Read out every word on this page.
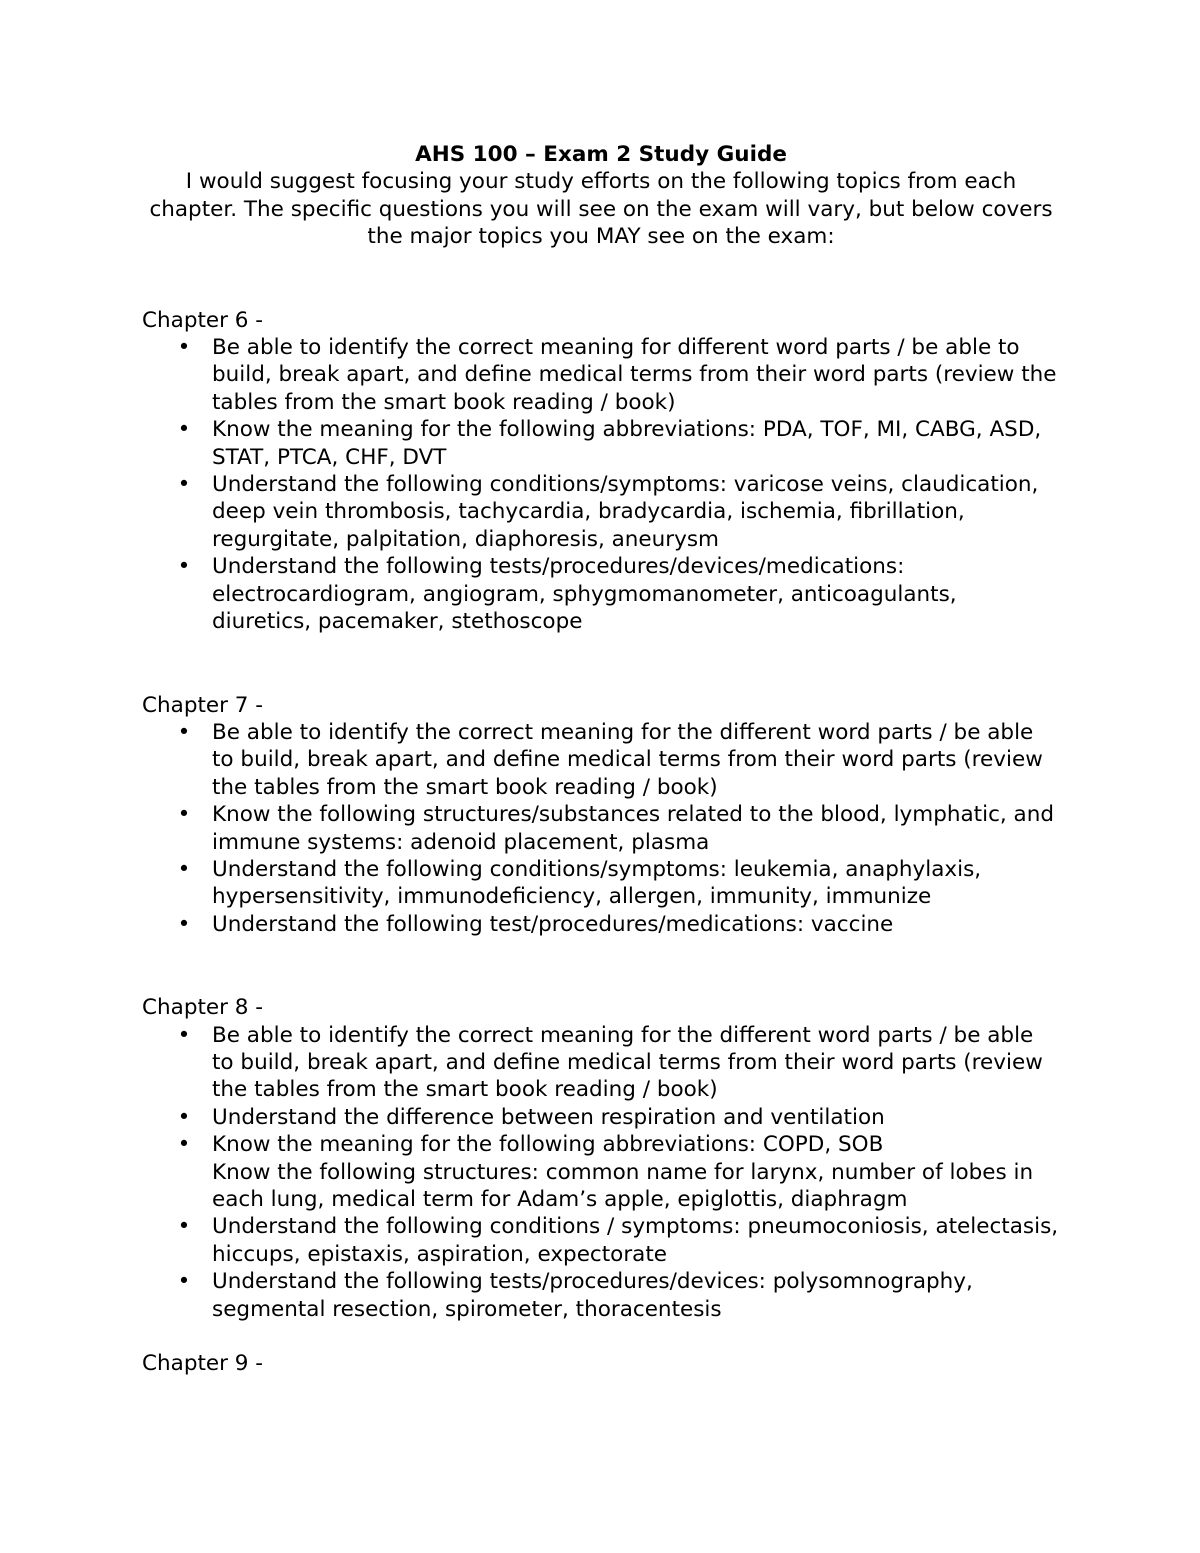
AHS 100 – Exam 2 Study Guide

I would suggest focusing your study efforts on the following topics from each chapter. The specific questions you will see on the exam will vary, but below covers the major topics you MAY see on the exam:

Chapter 6 -

• Be able to identify the correct meaning for different word parts / be able to build, break apart, and define medical terms from their word parts (review the tables from the smart book reading / book)
• Know the meaning for the following abbreviations: PDA, TOF, MI, CABG, ASD, STAT, PTCA, CHF, DVT
• Understand the following conditions/symptoms: varicose veins, claudication, deep vein thrombosis, tachycardia, bradycardia, ischemia, fibrillation, regurgitate, palpitation, diaphoresis, aneurysm
• Understand the following tests/procedures/devices/medications: electrocardiogram, angiogram, sphygmomanometer, anticoagulants, diuretics, pacemaker, stethoscope

Chapter 7 -

• Be able to identify the correct meaning for the different word parts / be able to build, break apart, and define medical terms from their word parts (review the tables from the smart book reading / book)
• Know the following structures/substances related to the blood, lymphatic, and immune systems: adenoid placement, plasma
• Understand the following conditions/symptoms: leukemia, anaphylaxis, hypersensitivity, immunodeficiency, allergen, immunity, immunize
• Understand the following test/procedures/medications: vaccine

Chapter 8 -

• Be able to identify the correct meaning for the different word parts / be able to build, break apart, and define medical terms from their word parts (review the tables from the smart book reading / book)
• Understand the difference between respiration and ventilation
• Know the meaning for the following abbreviations: COPD, SOB
Know the following structures: common name for larynx, number of lobes in each lung, medical term for Adam’s apple, epiglottis, diaphragm
• Understand the following conditions / symptoms: pneumoconiosis, atelectasis, hiccups, epistaxis, aspiration, expectorate
• Understand the following tests/procedures/devices: polysomnography, segmental resection, spirometer, thoracentesis

Chapter 9 -
